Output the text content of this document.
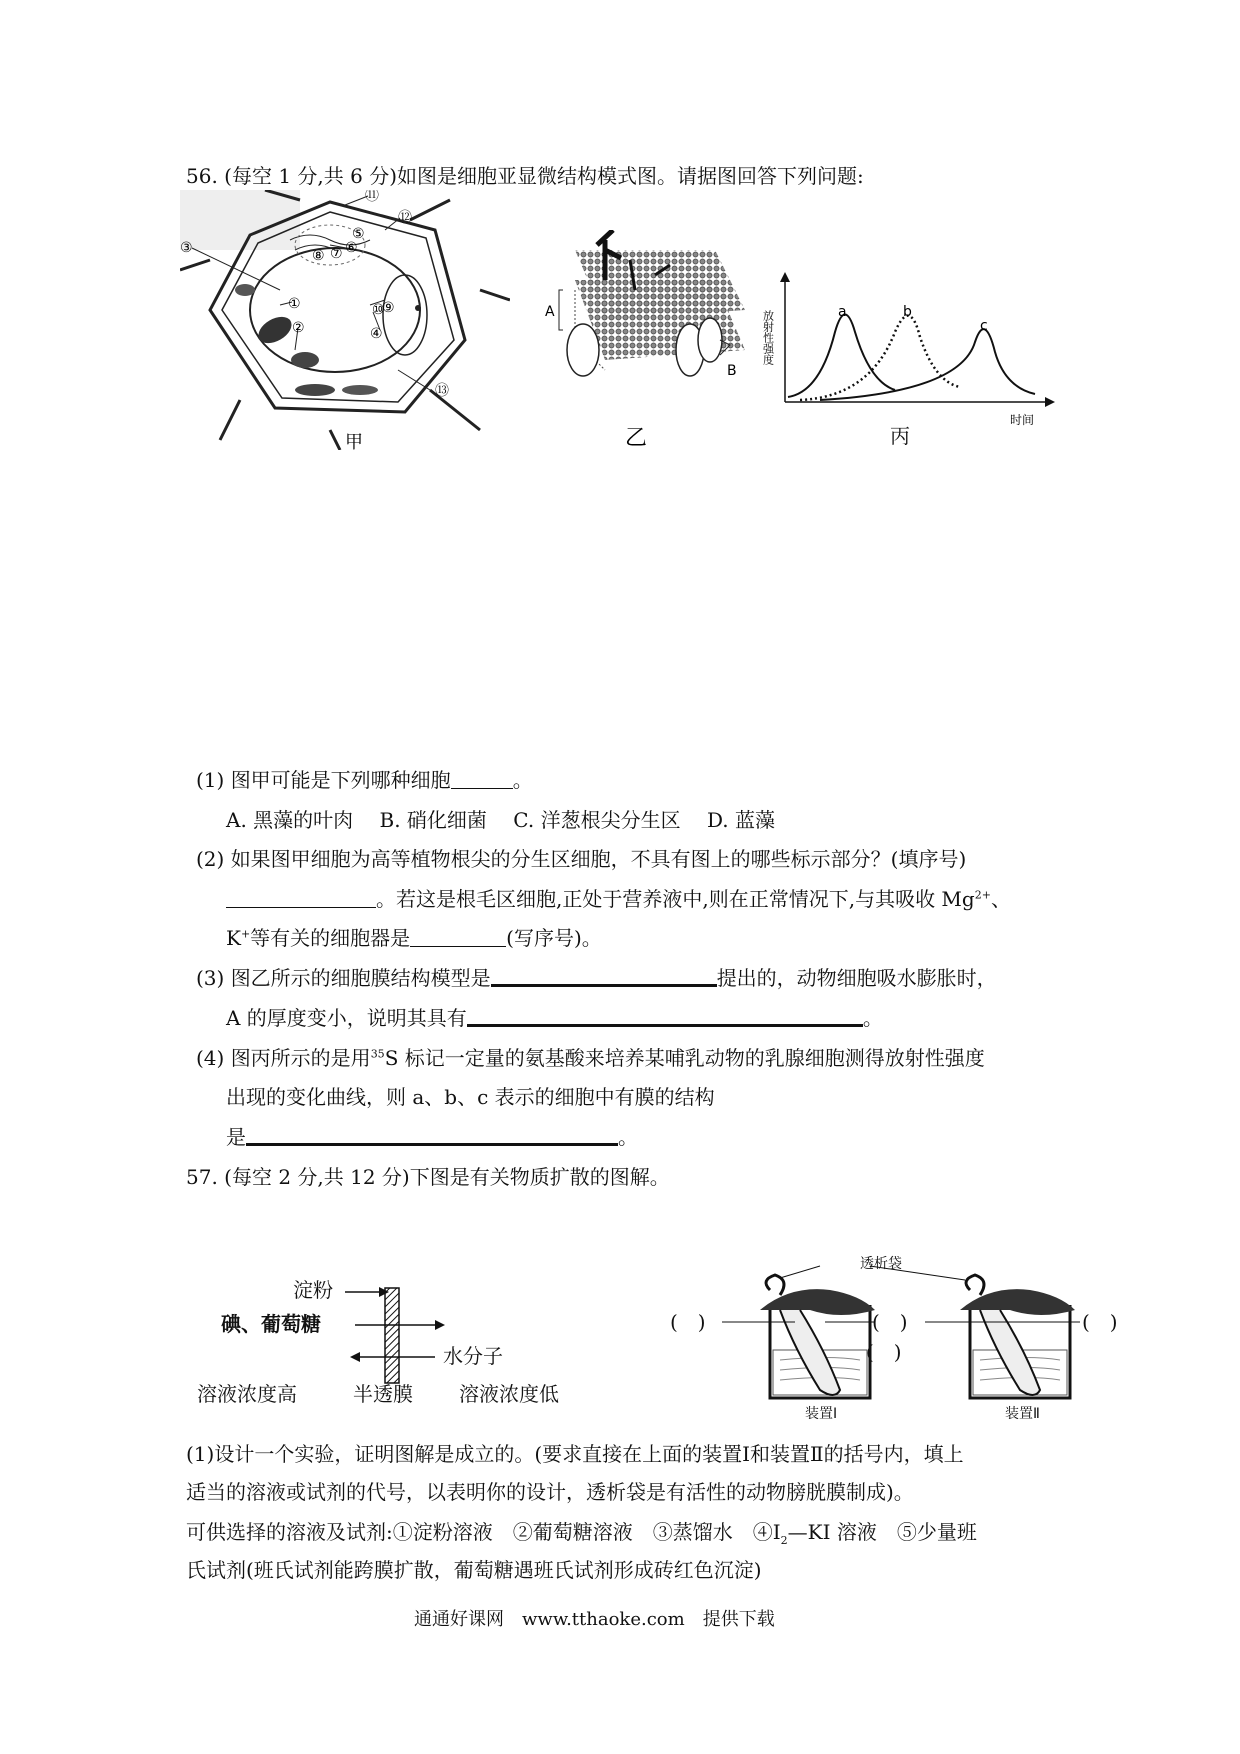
56. (每空 1 分,共 6 分)如图是细胞亚显微结构模式图。请据图回答下列问题:
③
①
②
⑨
⑩
④
⑬
⑪
⑫
⑤
⑥
⑦
⑧
甲
A
B
乙
放射性强度
时间
a	b
c
丙
(1) 图甲可能是下列哪种细胞	。
A. 黑藻的叶肉　 B. 硝化细菌　 C. 洋葱根尖分生区　 D. 蓝藻
(2) 如果图甲细胞为高等植物根尖的分生区细胞，不具有图上的哪些标示部分？(填序号)
。若这是根毛区细胞,正处于营养液中,则在正常情况下,与其吸收 $Mg^{2+}$、
K+等有关的细胞器是	(写序号)。
(3) 图乙所示的细胞膜结构模型是	提出的，动物细胞吸水膨胀时，
A 的厚度变小，说明其具有	。
(4) 图丙所示的是用$^{35}$S 标记一定量的氨基酸来培养某哺乳动物的乳腺细胞测得放射性强度
出现的变化曲线，则 a、b、c 表示的细胞中有膜的结构
是	。
57. (每空 2 分,共 12 分)下图是有关物质扩散的图解。
淀粉
碘、葡萄糖
水分子
溶液浓度高	半透膜 溶液浓度低
透析袋
(　)	(　)
(　)
(　)
装置Ⅰ	装置Ⅱ
(1)设计一个实验，证明图解是成立的。(要求直接在上面的装置Ⅰ和装置Ⅱ的括号内，填上
适当的溶液或试剂的代号，以表明你的设计，透析袋是有活性的动物膀胱膜制成)。
可供选择的溶液及试剂:①淀粉溶液　②葡萄糖溶液　③蒸馏水　$④I_2—KI$ 溶液　⑤少量班
氏试剂(班氏试剂能跨膜扩散，葡萄糖遇班氏试剂形成砖红色沉淀)
通通好课网　www.tthaoke.com　提供下载
